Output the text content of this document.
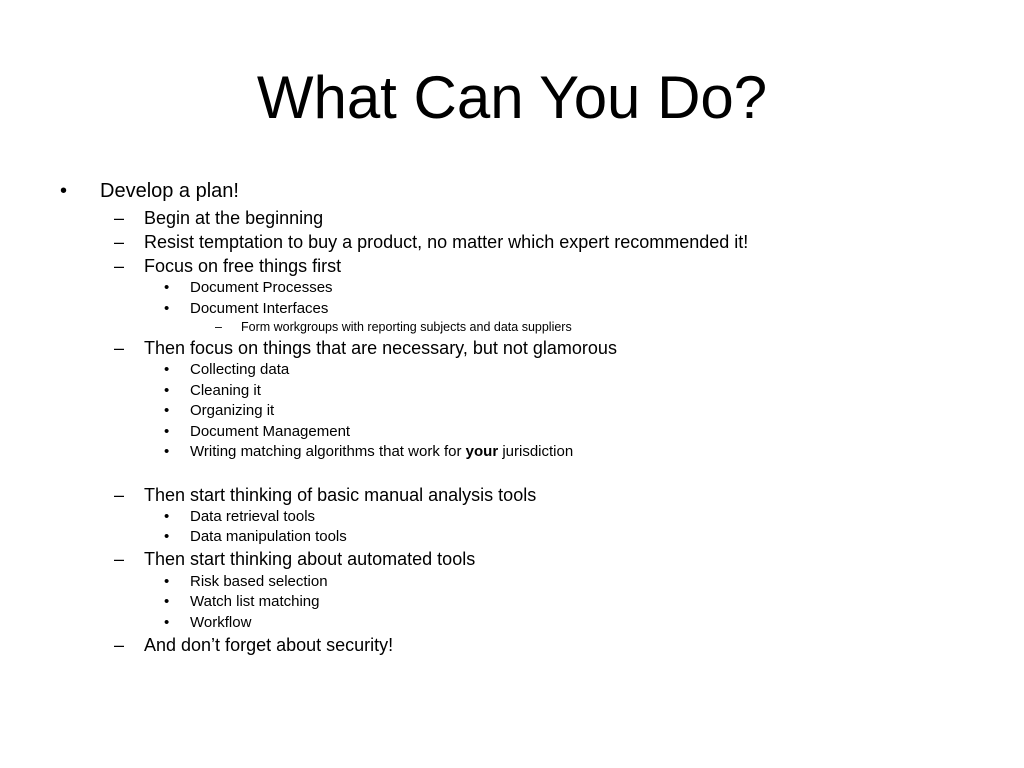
What Can You Do?
•	Develop a plan!
–	Begin at the beginning
–	Resist temptation to buy a product, no matter which expert recommended it!
–	Focus on free things first
•	Document Processes
•	Document Interfaces
–	Form workgroups with reporting subjects and data suppliers
–	Then focus on things that are necessary, but not glamorous
•	Collecting data
•	Cleaning it
•	Organizing it
•	Document Management
•	Writing matching algorithms that work for your jurisdiction
–	Then start thinking of basic manual analysis tools
•	Data retrieval tools
•	Data manipulation tools
–	Then start thinking about automated tools
•	Risk based selection
•	Watch list matching
•	Workflow
–	And don’t forget about security!
